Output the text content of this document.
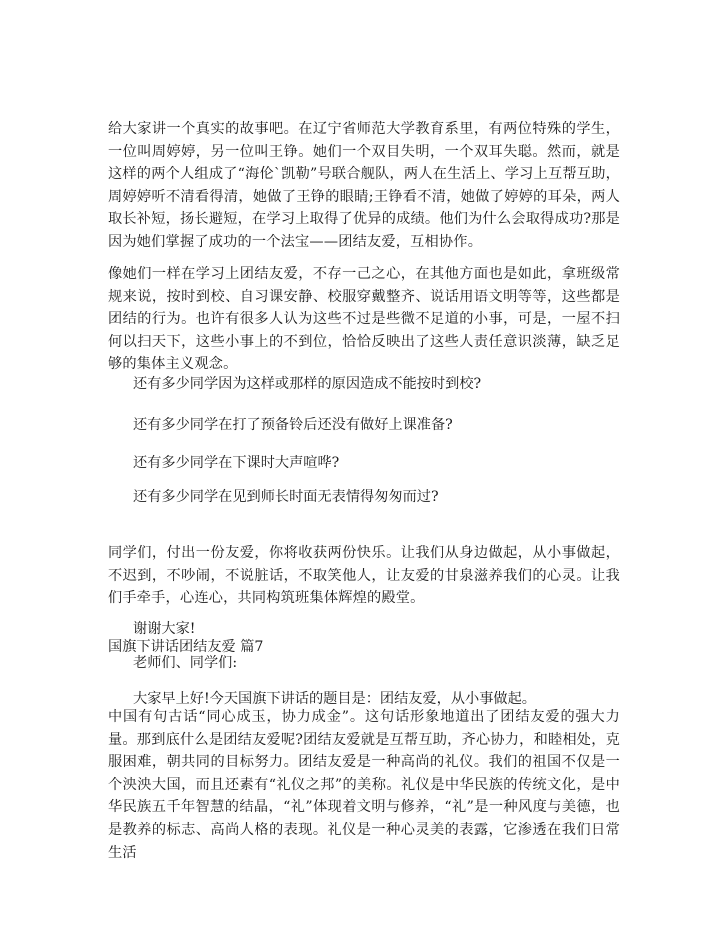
给大家讲一个真实的故事吧。在辽宁省师范大学教育系里，有两位特殊的学生，一位叫周婷婷，另一位叫王铮。她们一个双目失明，一个双耳失聪。然而，就是这样的两个人组成了“海伦`凯勒”号联合舰队，两人在生活上、学习上互帮互助，周婷婷听不清看得清，她做了王铮的眼睛;王铮看不清，她做了婷婷的耳朵，两人取长补短，扬长避短，在学习上取得了优异的成绩。他们为什么会取得成功?那是因为她们掌握了成功的一个法宝——团结友爱，互相协作。

像她们一样在学习上团结友爱，不存一己之心，在其他方面也是如此，拿班级常规来说，按时到校、自习课安静、校服穿戴整齐、说话用语文明等等，这些都是团结的行为。也许有很多人认为这些不过是些微不足道的小事，可是，一屋不扫何以扫天下，这些小事上的不到位，恰恰反映出了这些人责任意识淡薄，缺乏足够的集体主义观念。

还有多少同学因为这样或那样的原因造成不能按时到校?

还有多少同学在打了预备铃后还没有做好上课准备?

还有多少同学在下课时大声喧哗?

还有多少同学在见到师长时面无表情得匆匆而过?

同学们，付出一份友爱，你将收获两份快乐。让我们从身边做起，从小事做起，不迟到，不吵闹，不说脏话，不取笑他人，让友爱的甘泉滋养我们的心灵。让我们手牵手，心连心，共同构筑班集体辉煌的殿堂。

谢谢大家!

国旗下讲话团结友爱 篇7

老师们、同学们:

大家早上好!今天国旗下讲话的题目是：团结友爱，从小事做起。

中国有句古话“同心成玉，协力成金”。这句话形象地道出了团结友爱的强大力量。那到底什么是团结友爱呢?团结友爱就是互帮互助，齐心协力，和睦相处，克服困难，朝共同的目标努力。团结友爱是一种高尚的礼仪。我们的祖国不仅是一个泱泱大国，而且还素有“礼仪之邦”的美称。礼仪是中华民族的传统文化，是中华民族五千年智慧的结晶，“礼”体现着文明与修养，“礼”是一种风度与美德，也是教养的标志、高尚人格的表现。礼仪是一种心灵美的表露，它渗透在我们日常生活
